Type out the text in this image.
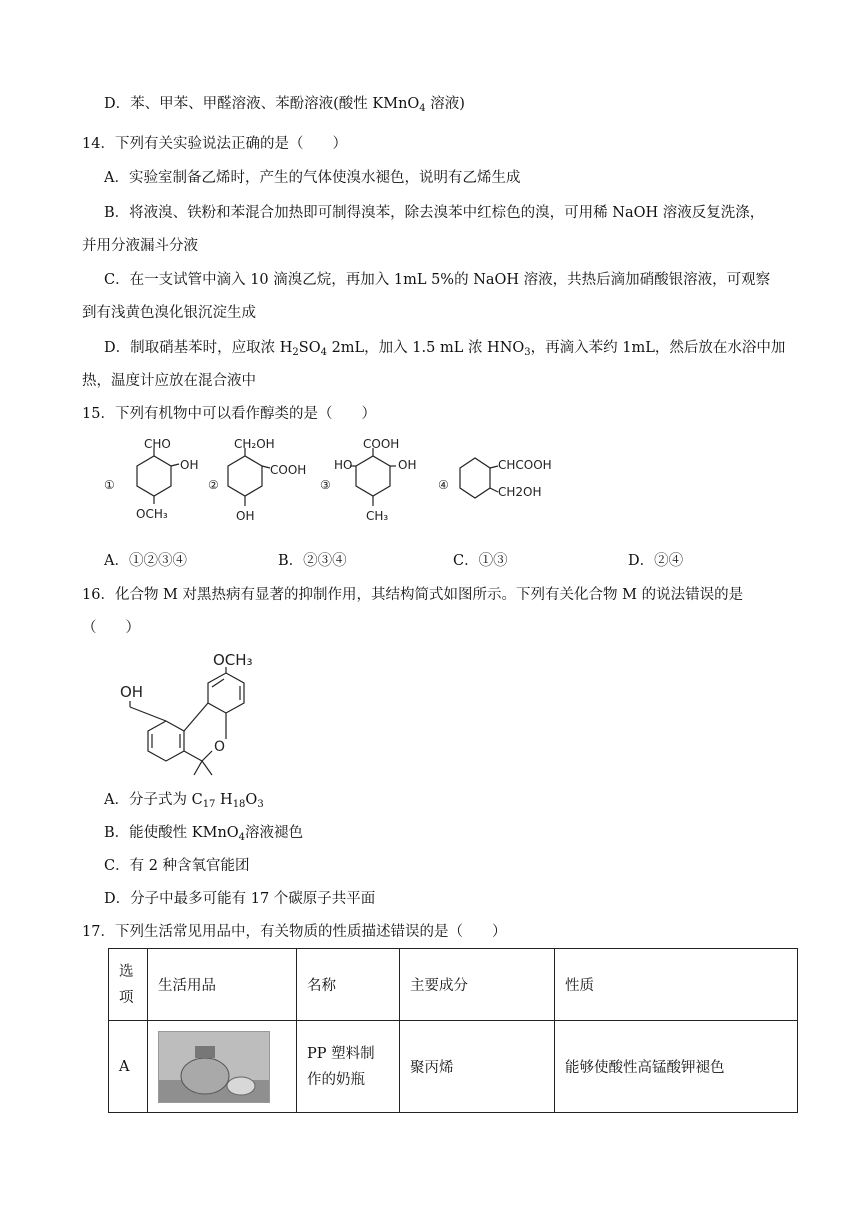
D．苯、甲苯、甲醛溶液、苯酚溶液(酸性 KMnO$_4$ 溶液)
14．下列有关实验说法正确的是（　　）
A．实验室制备乙烯时，产生的气体使溴水褪色，说明有乙烯生成
B．将液溴、铁粉和苯混合加热即可制得溴苯，除去溴苯中红棕色的溴，可用稀 NaOH 溶液反复洗涤，
并用分液漏斗分液
C．在一支试管中滴入 10 滴溴乙烷，再加入 1mL 5%的 NaOH 溶液，共热后滴加硝酸银溶液，可观察
到有浅黄色溴化银沉淀生成
D．制取硝基苯时，应取浓 $H_2SO_4$ 2mL，加入 1.5 mL 浓 $HNO_3$，再滴入苯约 1mL，然后放在水浴中加
热，温度计应放在混合液中
15．下列有机物中可以看作醇类的是（　　）
①
CHO
OH
OCH₃
②
CH₂OH
COOH
OH
③
COOH
HO	OH
CH₃
④
CHCOOH
CH2OH
A．①②③④	B．②③④	C．①③	D．②④
16．化合物 M 对黑热病有显著的抑制作用，其结构简式如图所示。下列有关化合物 M 的说法错误的是
（　　）
OCH₃
OH
O
A．分子式为 $C_{17}$ $H_{18}O_3$
B．能使酸性 KMnO$_4$溶液褪色
C．有 2 种含氧官能团
D．分子中最多可能有 17 个碳原子共平面
17．下列生活常见用品中，有关物质的性质描述错误的是（　　）
选
项	生活用品	名称	主要成分	性质
A		PP 塑料制作的奶瓶	聚丙烯	能够使酸性高锰酸钾褪色
